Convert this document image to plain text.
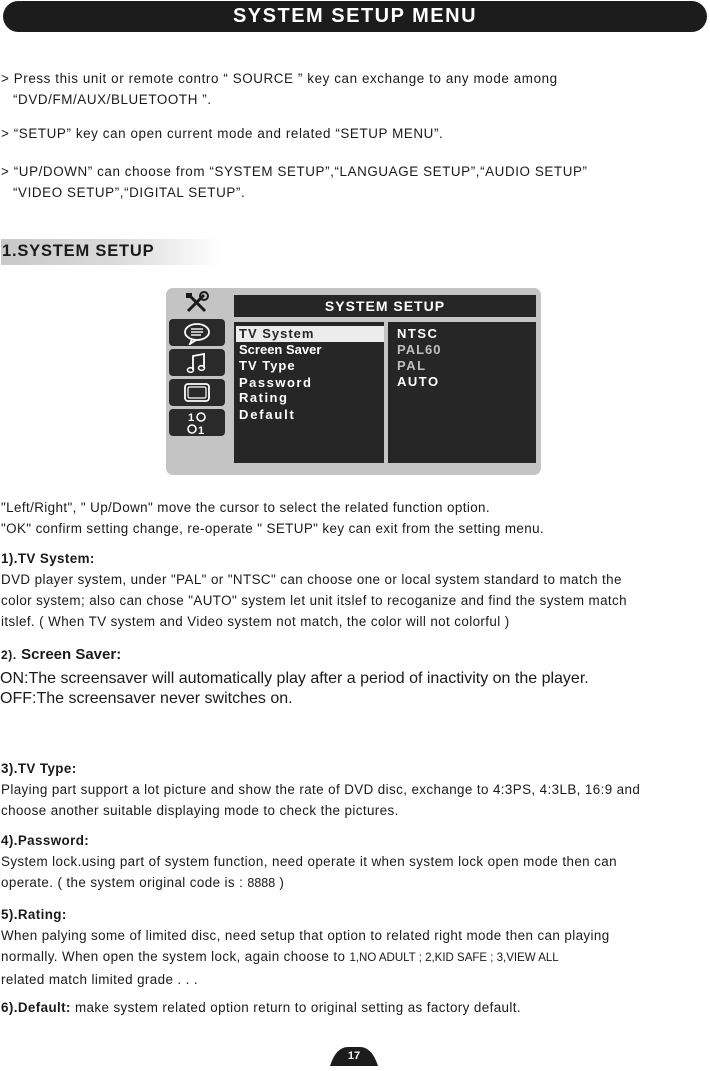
SYSTEM SETUP MENU
> Press this unit or remote contro “ SOURCE ” key can exchange to any mode among
“DVD/FM/AUX/BLUETOOTH ”.
> “SETUP” key can open current mode and related “SETUP MENU”.
> “UP/DOWN” can choose from “SYSTEM SETUP”,“LANGUAGE SETUP”,“AUDIO SETUP”
“VIDEO SETUP”,“DIGITAL SETUP”.
1.SYSTEM SETUP
1
1
SYSTEM SETUP
TV System
Screen Saver
TV Type
Password
Rating
Default
NTSC
PAL60
PAL
AUTO
"Left/Right", " Up/Down" move the cursor to select the related function option.
"OK" confirm setting change, re-operate " SETUP" key can exit from the setting menu.
1).TV System:
DVD player system, under "PAL" or "NTSC" can choose one or local system standard to match the
color system; also can chose "AUTO" system let unit itslef to recoganize and find the system match
itslef. ( When TV system and Video system not match, the color will not colorful )
2). Screen Saver:
ON:The screensaver will automatically play after a period of inactivity on the player.
OFF:The screensaver never switches on.
3).TV Type:
Playing part support a lot picture and show the rate of DVD disc, exchange to 4:3PS, 4:3LB, 16:9 and
choose another suitable displaying mode to check the pictures.
4).Password:
System lock.using part of system function, need operate it when system lock open mode then can
operate. ( the system original code is : 8888 )
5).Rating:
When palying some of limited disc, need setup that option to related right mode then can playing
normally. When open the system lock, again choose to 1,NO ADULT ; 2,KID SAFE ; 3,VIEW ALL
related match limited grade . . .
6).Default: make system related option return to original setting as factory default.
17
